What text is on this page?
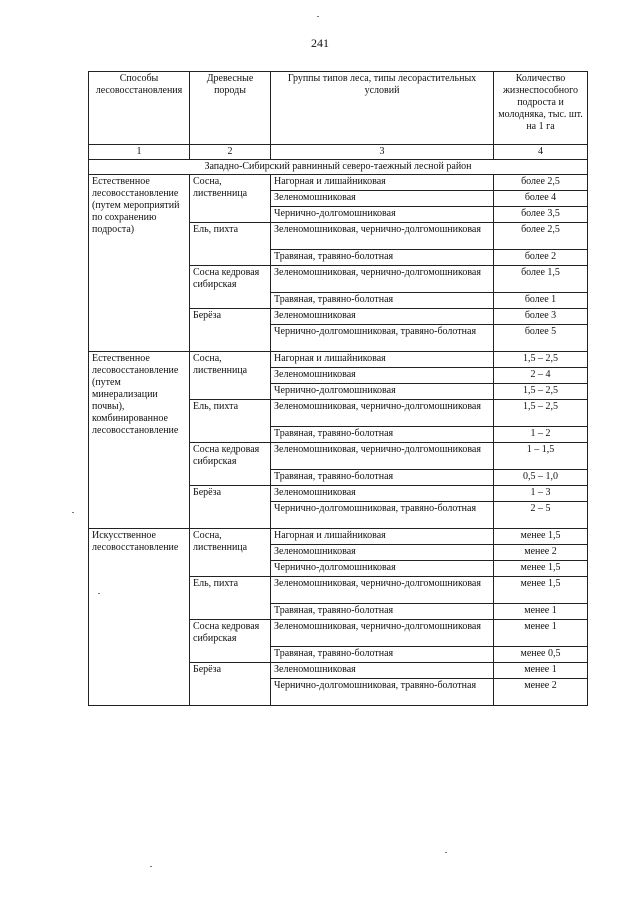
241
Способы лесовосстановления	Древесные породы	Группы типов леса, типы лесорастительных условий	Количество жизнеспособного подроста и молодняка, тыс. шт. на 1 га
1	2	3	4
Западно-Сибирский равнинный северо-таежный лесной район			
Естественное лесовосстановление (путем мероприятий по сохранению подроста)	Сосна, лиственница	Нагорная и лишайниковая	более 2,5
		Зеленомошниковая	более 4
		Чернично-долгомошниковая	более 3,5
	Ель, пихта	Зеленомошниковая, чернично-долгомошниковая	более 2,5
		Травяная, травяно-болотная	более 2
	Сосна кедровая сибирская	Зеленомошниковая, чернично-долгомошниковая	более 1,5
		Травяная, травяно-болотная	более 1
	Берёза	Зеленомошниковая	более 3
		Чернично-долгомошниковая, травяно-болотная	более 5
Естественное лесовосстановление (путем минерализации почвы), комбинированное лесовосстановление	Сосна, лиственница	Нагорная и лишайниковая	1,5 – 2,5
		Зеленомошниковая	2 – 4
		Чернично-долгомошниковая	1,5 – 2,5
	Ель, пихта	Зеленомошниковая, чернично-долгомошниковая	1,5 – 2,5
		Травяная, травяно-болотная	1 – 2
	Сосна кедровая сибирская	Зеленомошниковая, чернично-долгомошниковая	1 – 1,5
		Травяная, травяно-болотная	0,5 – 1,0
	Берёза	Зеленомошниковая	1 – 3
		Чернично-долгомошниковая, травяно-болотная	2 – 5
Искусственное лесовосстановление	Сосна, лиственница	Нагорная и лишайниковая	менее 1,5
		Зеленомошниковая	менее 2
		Чернично-долгомошниковая	менее 1,5
	Ель, пихта	Зеленомошниковая, чернично-долгомошниковая	менее 1,5
		Травяная, травяно-болотная	менее 1
	Сосна кедровая сибирская	Зеленомошниковая, чернично-долгомошниковая	менее 1
		Травяная, травяно-болотная	менее 0,5
	Берёза	Зеленомошниковая	менее 1
		Чернично-долгомошниковая, травяно-болотная	менее 2
